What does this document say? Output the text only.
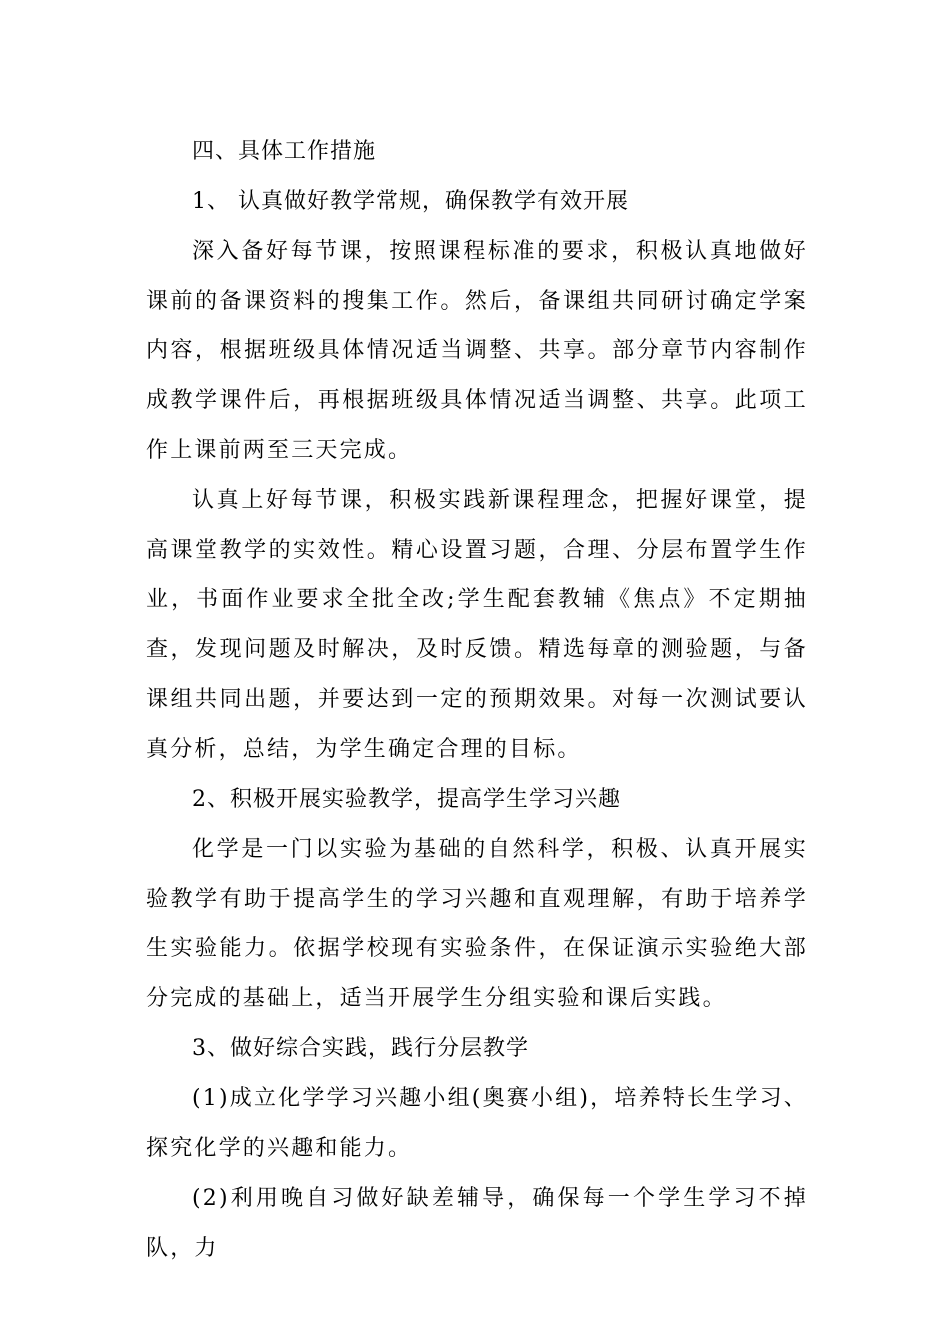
四、具体工作措施
1、 认真做好教学常规，确保教学有效开展

深入备好每节课，按照课程标准的要求，积极认真地做好课前的备课资料的搜集工作。然后，备课组共同研讨确定学案内容，根据班级具体情况适当调整、共享。部分章节内容制作成教学课件后，再根据班级具体情况适当调整、共享。此项工作上课前两至三天完成。

认真上好每节课，积极实践新课程理念，把握好课堂，提高课堂教学的实效性。精心设置习题，合理、分层布置学生作业，书面作业要求全批全改;学生配套教辅《焦点》不定期抽查，发现问题及时解决，及时反馈。精选每章的测验题，与备课组共同出题，并要达到一定的预期效果。对每一次测试要认真分析，总结，为学生确定合理的目标。

2、积极开展实验教学，提高学生学习兴趣

化学是一门以实验为基础的自然科学，积极、认真开展实验教学有助于提高学生的学习兴趣和直观理解，有助于培养学生实验能力。依据学校现有实验条件，在保证演示实验绝大部分完成的基础上，适当开展学生分组实验和课后实践。

3、做好综合实践，践行分层教学

(1)成立化学学习兴趣小组(奥赛小组)，培养特长生学习、探究化学的兴趣和能力。

(2)利用晚自习做好缺差辅导，确保每一个学生学习不掉队，力
